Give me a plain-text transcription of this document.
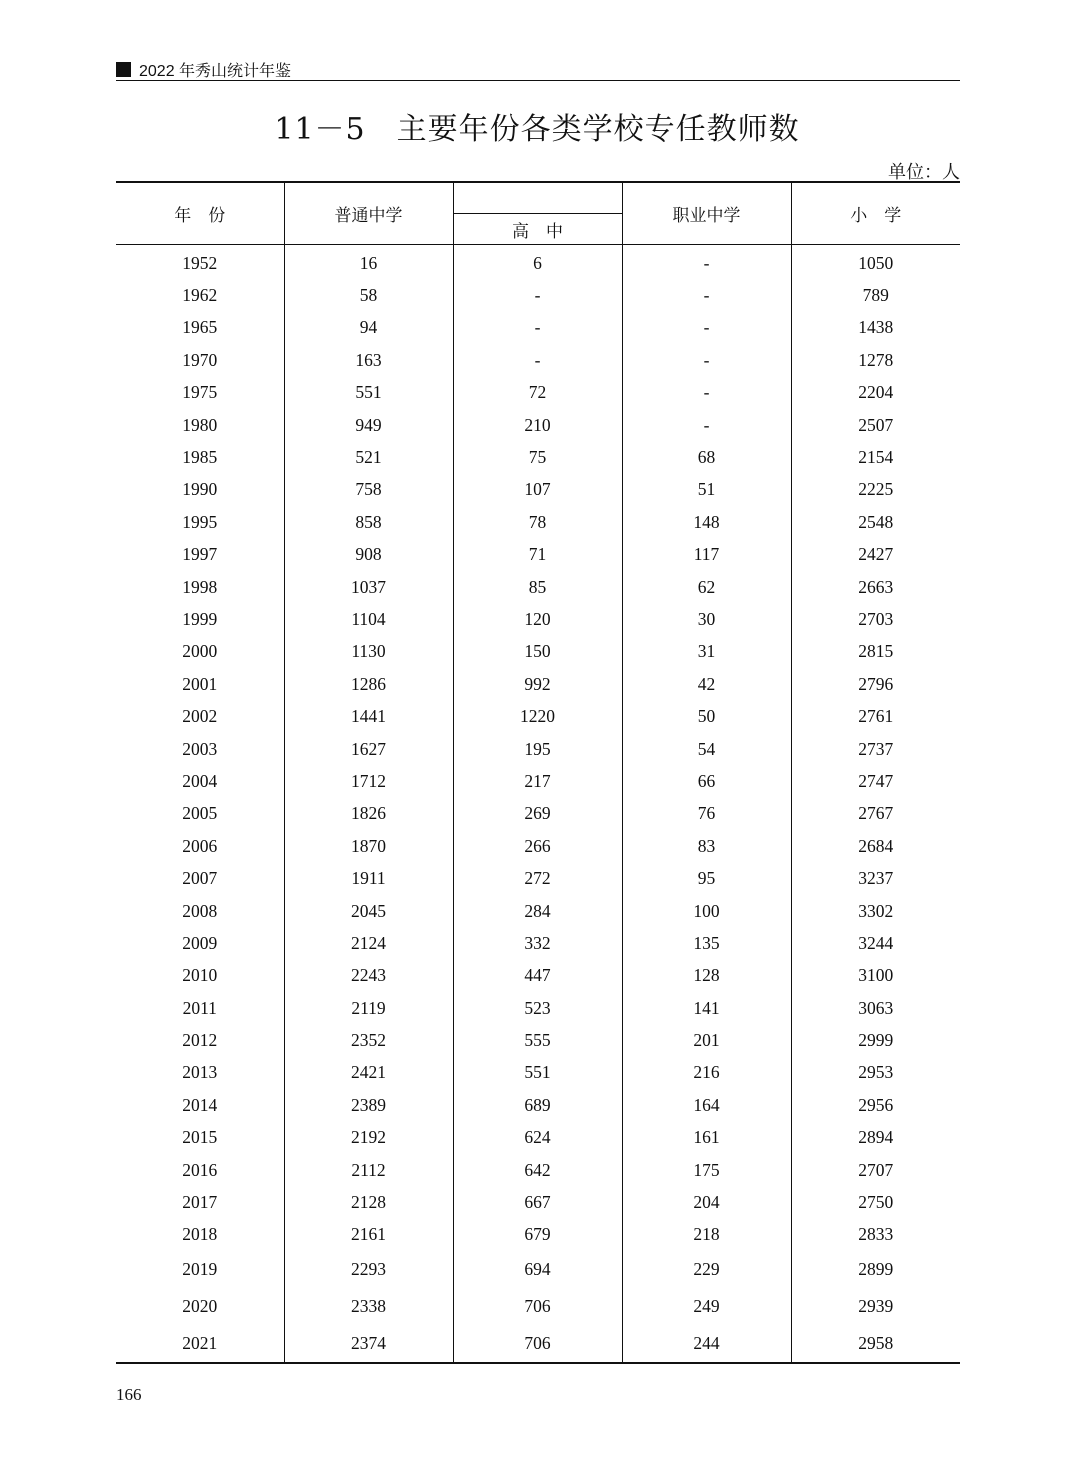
2022 年秀山统计年鉴
11－5　主要年份各类学校专任教师数
单位：人
年　份	普通中学		职业中学	小　学
		高　中		
1952	16	6	-	1050
1962	58	-	-	789
1965	94	-	-	1438
1970	163	-	-	1278
1975	551	72	-	2204
1980	949	210	-	2507
1985	521	75	68	2154
1990	758	107	51	2225
1995	858	78	148	2548
1997	908	71	117	2427
1998	1037	85	62	2663
1999	1104	120	30	2703
2000	1130	150	31	2815
2001	1286	992	42	2796
2002	1441	1220	50	2761
2003	1627	195	54	2737
2004	1712	217	66	2747
2005	1826	269	76	2767
2006	1870	266	83	2684
2007	1911	272	95	3237
2008	2045	284	100	3302
2009	2124	332	135	3244
2010	2243	447	128	3100
2011	2119	523	141	3063
2012	2352	555	201	2999
2013	2421	551	216	2953
2014	2389	689	164	2956
2015	2192	624	161	2894
2016	2112	642	175	2707
2017	2128	667	204	2750
2018	2161	679	218	2833
2019	2293	694	229	2899
2020	2338	706	249	2939
2021	2374	706	244	2958
166
